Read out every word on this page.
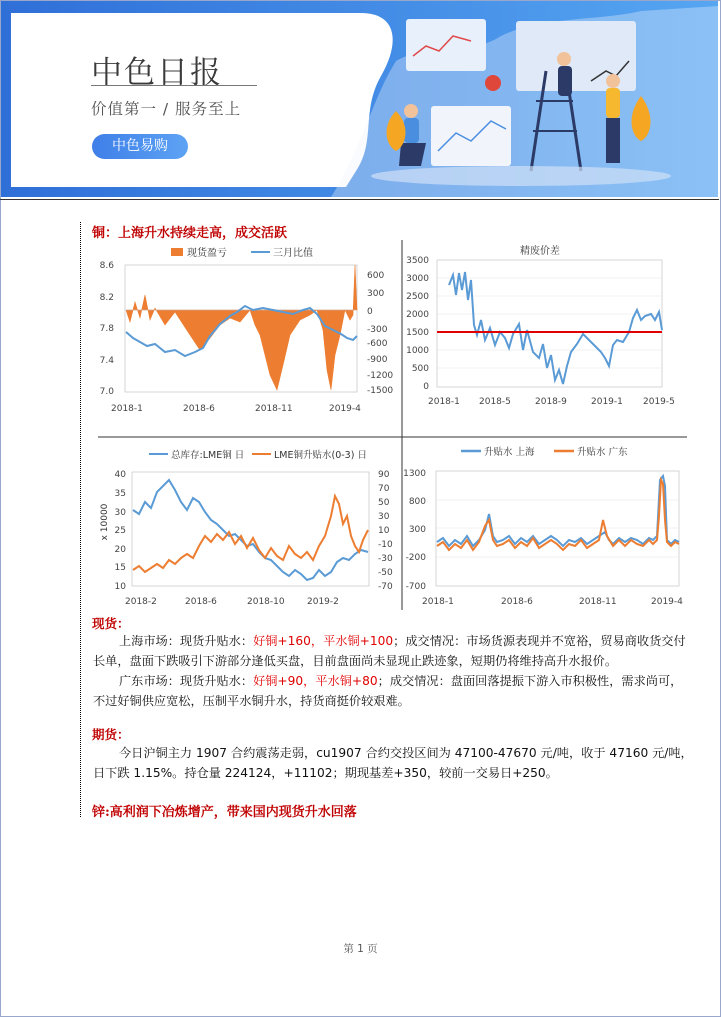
中色日报
价值第一 / 服务至上
中色易购
铜：上海升水持续走高，成交活跃
现货盈亏	三月比值
8.6
8.2
7.8
7.4
7.0
600
300
0
-300
-600
-900
-1200
-1500
2018-1	2018-6	2018-11	2019-4
精废价差
3500
3000
2500
2000
1500
1000
500
0
2018-1 2018-5	2018-9	2019-1 2019-5
总库存:LME铜 日	LME铜升贴水(0-3) 日
x 10000
40
35
30
25
20
15
10
90
70
50
30
10
-10
-30
-50
-70
2018-2	2018-6	2018-10 2019-2
升贴水 上海	升贴水 广东
1300
800
300
-200
-700
2018-1	2018-6	2018-11	2019-4
现货：
上海市场：现货升贴水：好铜+160，平水铜+100；成交情况：市场货源表现并不宽裕，贸易商收货交付长单，盘面下跌吸引下游部分逢低买盘，目前盘面尚未显现止跌迹象，短期仍将维持高升水报价。
广东市场：现货升贴水：好铜+90，平水铜+80；成交情况：盘面回落提振下游入市积极性，需求尚可，不过好铜供应宽松，压制平水铜升水，持货商挺价较艰难。
期货：
今日沪铜主力 1907 合约震荡走弱，cu1907 合约交投区间为 47100-47670 元/吨，收于 47160 元/吨，日下跌 1.15%。持仓量 224124，+11102；期现基差+350，较前一交易日+250。
锌:高利润下冶炼增产，带来国内现货升水回落
第 1 页
